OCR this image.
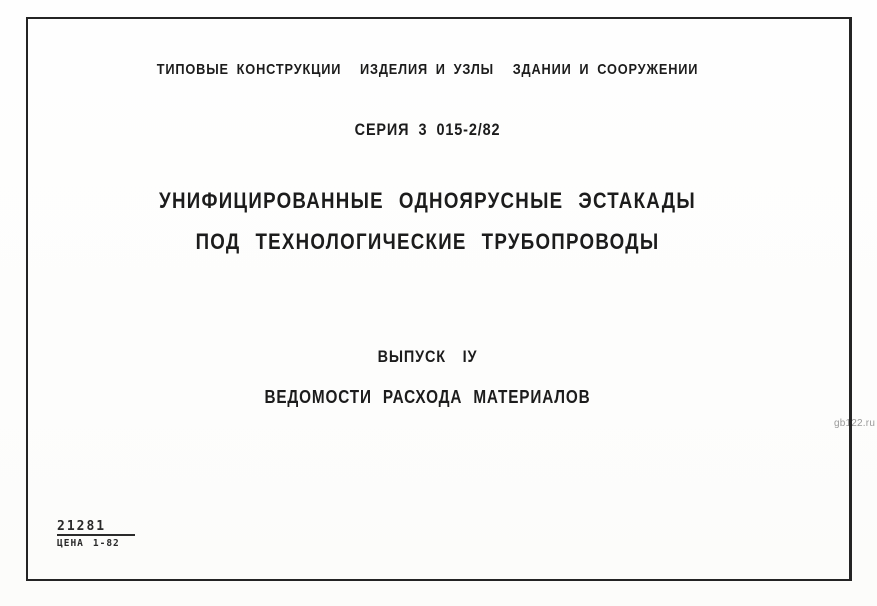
gb122.ru
ТИПОВЫЕ КОНСТРУКЦИИ ИЗДЕЛИЯ И УЗЛЫ ЗДАНИИ И СООРУЖЕНИИ
СЕРИЯ 3 015-2/82
УНИФИЦИРОВАННЫЕ ОДНОЯРУСНЫЕ ЭСТАКАДЫ
ПОД ТЕХНОЛОГИЧЕСКИЕ ТРУБОПРОВОДЫ
ВЫПУСК IУ
ВЕДОМОСТИ РАСХОДА МАТЕРИАЛОВ
21281
ЦЕНА 1-82
